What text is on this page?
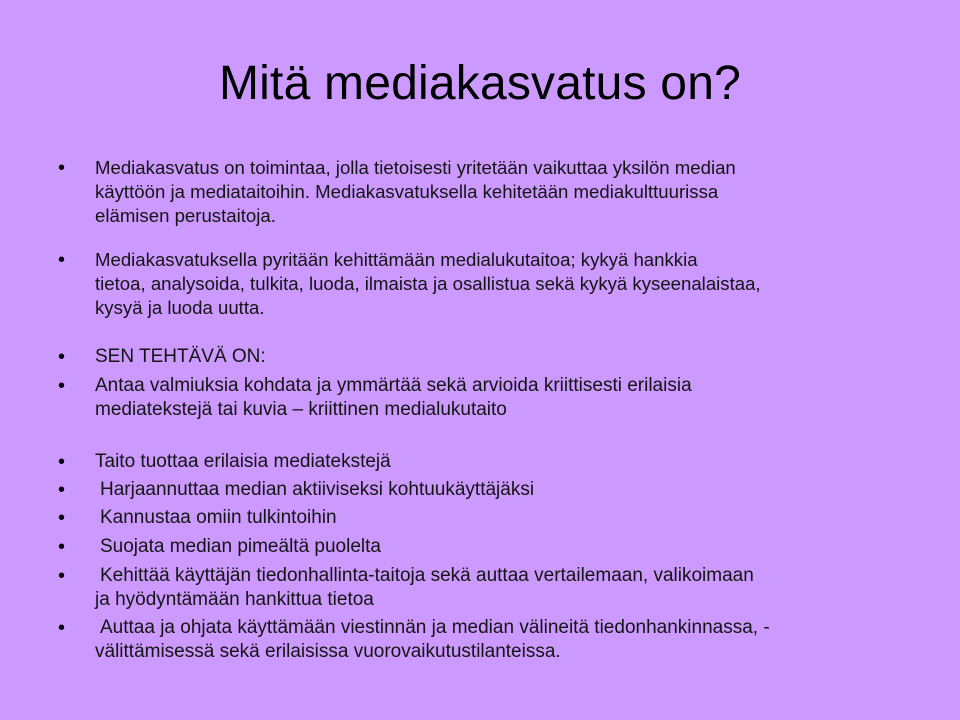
Mitä mediakasvatus on?
• Mediakasvatus on toimintaa, jolla tietoisesti yritetään vaikuttaa yksilön median
käyttöön ja mediataitoihin. Mediakasvatuksella kehitetään mediakulttuurissa
elämisen perustaitoja.
• Mediakasvatuksella pyritään kehittämään medialukutaitoa; kykyä hankkia
tietoa, analysoida, tulkita, luoda, ilmaista ja osallistua sekä kykyä kyseenalaistaa,
kysyä ja luoda uutta.
• SEN TEHTÄVÄ ON:
• Antaa valmiuksia kohdata ja ymmärtää sekä arvioida kriittisesti erilaisia
mediatekstejä tai kuvia – kriittinen medialukutaito
• Taito tuottaa erilaisia mediatekstejä
• Harjaannuttaa median aktiiviseksi kohtuukäyttäjäksi
• Kannustaa omiin tulkintoihin
• Suojata median pimeältä puolelta
• Kehittää käyttäjän tiedonhallinta-taitoja sekä auttaa vertailemaan, valikoimaan
ja hyödyntämään hankittua tietoa
• Auttaa ja ohjata käyttämään viestinnän ja median välineitä tiedonhankinnassa, -
välittämisessä sekä erilaisissa vuorovaikutustilanteissa.
